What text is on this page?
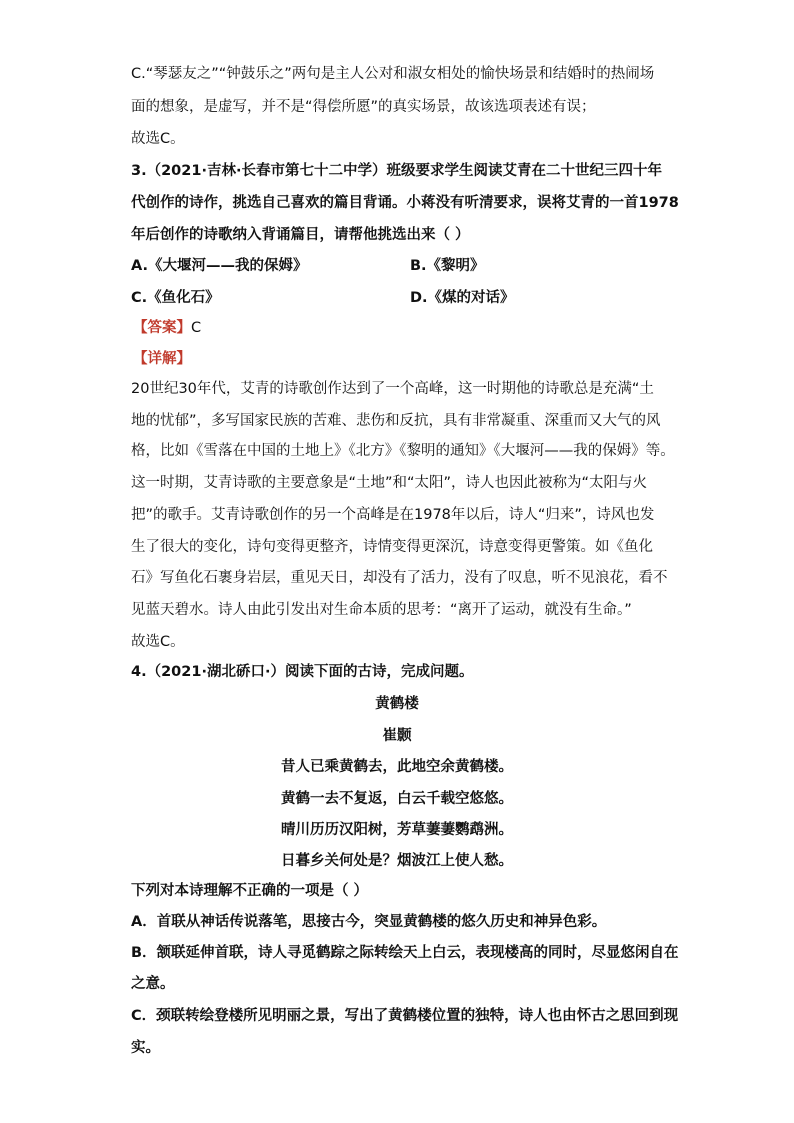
C.“琴瑟友之”“钟鼓乐之”两句是主人公对和淑女相处的愉快场景和结婚时的热闹场
面的想象，是虚写，并不是“得偿所愿”的真实场景，故该选项表述有误；
故选C。
3.（2021·吉林·长春市第七十二中学）班级要求学生阅读艾青在二十世纪三四十年
代创作的诗作，挑选自己喜欢的篇目背诵。小蒋没有听清要求，误将艾青的一首1978
年后创作的诗歌纳入背诵篇目，请帮他挑选出来（ ）
A.《大堰河——我的保姆》	B.《黎明》
C.《鱼化石》	D.《煤的对话》
【答案】C
【详解】
20世纪30年代，艾青的诗歌创作达到了一个高峰，这一时期他的诗歌总是充满“土
地的忧郁”，多写国家民族的苦难、悲伤和反抗，具有非常凝重、深重而又大气的风
格，比如《雪落在中国的土地上》《北方》《黎明的通知》《大堰河——我的保姆》等。
这一时期，艾青诗歌的主要意象是“土地”和“太阳”，诗人也因此被称为“太阳与火
把”的歌手。艾青诗歌创作的另一个高峰是在1978年以后，诗人“归来”，诗风也发
生了很大的变化，诗句变得更整齐，诗情变得更深沉，诗意变得更警策。如《鱼化
石》写鱼化石裹身岩层，重见天日，却没有了活力，没有了叹息，听不见浪花，看不
见蓝天碧水。诗人由此引发出对生命本质的思考：“离开了运动，就没有生命。”
故选C。
4.（2021·湖北硚口·）阅读下面的古诗，完成问题。
黄鹤楼
崔颢
昔人已乘黄鹤去，此地空余黄鹤楼。
黄鹤一去不复返，白云千载空悠悠。
晴川历历汉阳树，芳草萋萋鹦鹉洲。
日暮乡关何处是？烟波江上使人愁。
下列对本诗理解不正确的一项是（ ）
A．首联从神话传说落笔，思接古今，突显黄鹤楼的悠久历史和神异色彩。
B．颔联延伸首联，诗人寻觅鹤踪之际转绘天上白云，表现楼高的同时，尽显悠闲自在
之意。
C．颈联转绘登楼所见明丽之景，写出了黄鹤楼位置的独特，诗人也由怀古之思回到现
实。
